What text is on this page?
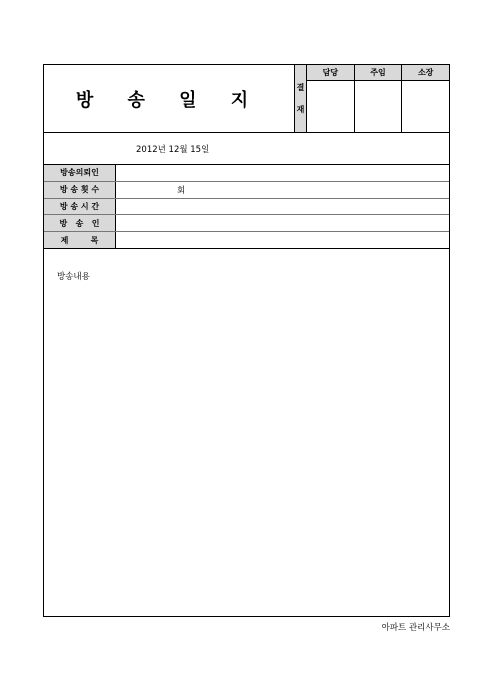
방 송 일 지
결
재
담당	주임	소장
2012년 12월 15일
방송의뢰인
방 송 횟 수	회
방 송 시 간
방   송   인
제        목
방송내용
아파트 관리사무소
